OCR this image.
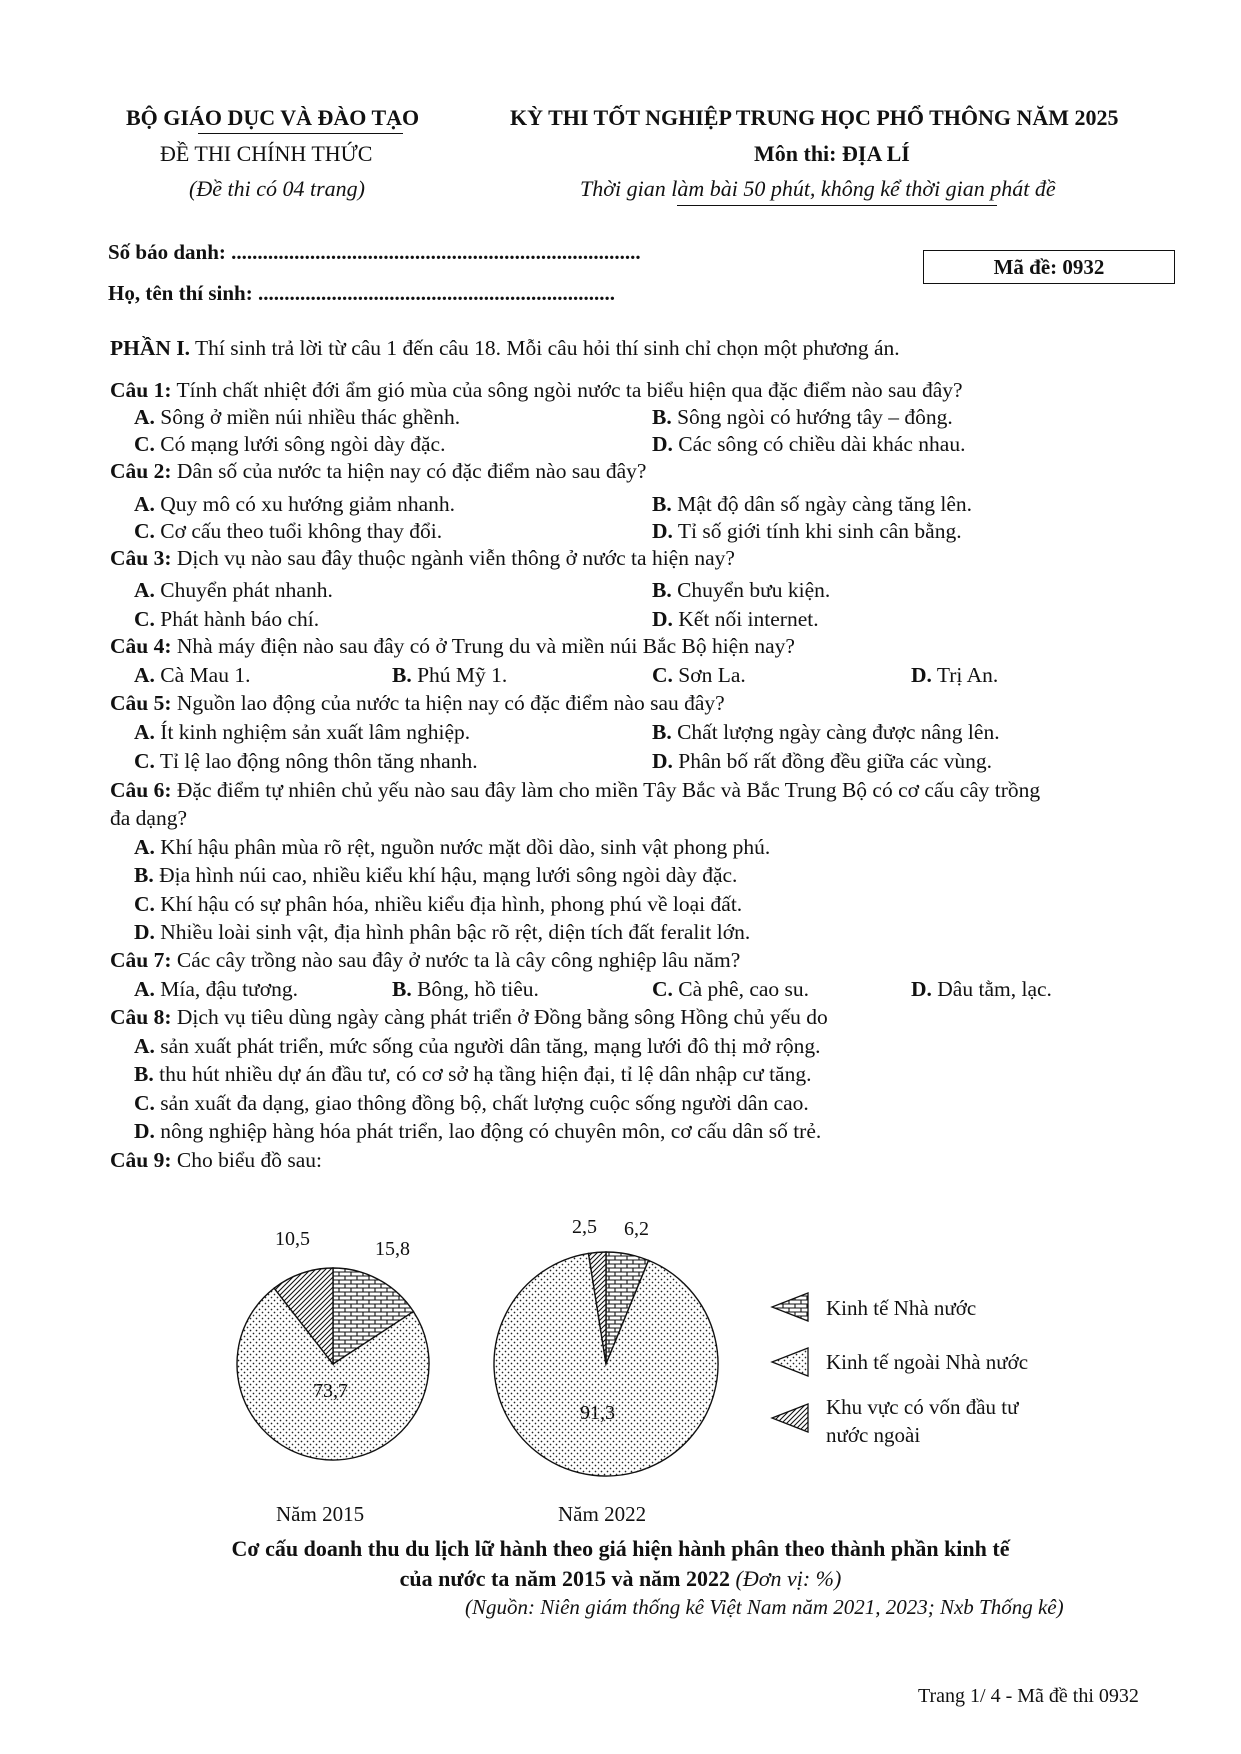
BỘ GIÁO DỤC VÀ ĐÀO TẠO
ĐỀ THI CHÍNH THỨC
(Đề thi có 04 trang)
KỲ THI TỐT NGHIỆP TRUNG HỌC PHỔ THÔNG NĂM 2025
Môn thi: ĐỊA LÍ
Thời gian làm bài 50 phút, không kể thời gian phát đề
Số báo danh: ..............................................................................
Họ, tên thí sinh: ....................................................................
Mã đề: 0932
PHẦN I. Thí sinh trả lời từ câu 1 đến câu 18. Mỗi câu hỏi thí sinh chỉ chọn một phương án.
Câu 1: Tính chất nhiệt đới ẩm gió mùa của sông ngòi nước ta biểu hiện qua đặc điểm nào sau đây?
A. Sông ở miền núi nhiều thác ghềnh.	B. Sông ngòi có hướng tây – đông.
C. Có mạng lưới sông ngòi dày đặc.	D. Các sông có chiều dài khác nhau.
Câu 2: Dân số của nước ta hiện nay có đặc điểm nào sau đây?
A. Quy mô có xu hướng giảm nhanh.	B. Mật độ dân số ngày càng tăng lên.
C. Cơ cấu theo tuổi không thay đổi.	D. Tỉ số giới tính khi sinh cân bằng.
Câu 3: Dịch vụ nào sau đây thuộc ngành viễn thông ở nước ta hiện nay?
A. Chuyển phát nhanh.	B. Chuyển bưu kiện.
C. Phát hành báo chí.	D. Kết nối internet.
Câu 4: Nhà máy điện nào sau đây có ở Trung du và miền núi Bắc Bộ hiện nay?
A. Cà Mau 1.	B. Phú Mỹ 1.	C. Sơn La.	D. Trị An.
Câu 5: Nguồn lao động của nước ta hiện nay có đặc điểm nào sau đây?
A. Ít kinh nghiệm sản xuất lâm nghiệp.	B. Chất lượng ngày càng được nâng lên.
C. Tỉ lệ lao động nông thôn tăng nhanh.	D. Phân bố rất đồng đều giữa các vùng.
Câu 6: Đặc điểm tự nhiên chủ yếu nào sau đây làm cho miền Tây Bắc và Bắc Trung Bộ có cơ cấu cây trồng
đa dạng?
A. Khí hậu phân mùa rõ rệt, nguồn nước mặt dồi dào, sinh vật phong phú.
B. Địa hình núi cao, nhiều kiểu khí hậu, mạng lưới sông ngòi dày đặc.
C. Khí hậu có sự phân hóa, nhiều kiểu địa hình, phong phú về loại đất.
D. Nhiều loài sinh vật, địa hình phân bậc rõ rệt, diện tích đất feralit lớn.
Câu 7: Các cây trồng nào sau đây ở nước ta là cây công nghiệp lâu năm?
A. Mía, đậu tương.	B. Bông, hồ tiêu.	C. Cà phê, cao su.	D. Dâu tằm, lạc.
Câu 8: Dịch vụ tiêu dùng ngày càng phát triển ở Đồng bằng sông Hồng chủ yếu do
A. sản xuất phát triển, mức sống của người dân tăng, mạng lưới đô thị mở rộng.
B. thu hút nhiều dự án đầu tư, có cơ sở hạ tầng hiện đại, tỉ lệ dân nhập cư tăng.
C. sản xuất đa dạng, giao thông đồng bộ, chất lượng cuộc sống người dân cao.
D. nông nghiệp hàng hóa phát triển, lao động có chuyên môn, cơ cấu dân số trẻ.
Câu 9: Cho biểu đồ sau:
10,5	15,8
73,7
2,5 6,2
91,3
Năm 2015	Năm 2022
Kinh tế Nhà nước
Kinh tế ngoài Nhà nước
Khu vực có vốn đầu tư
nước ngoài
Cơ cấu doanh thu du lịch lữ hành theo giá hiện hành phân theo thành phần kinh tế
của nước ta năm 2015 và năm 2022 (Đơn vị: %)
(Nguồn: Niên giám thống kê Việt Nam năm 2021, 2023; Nxb Thống kê)
Trang 1/ 4 - Mã đề thi 0932
